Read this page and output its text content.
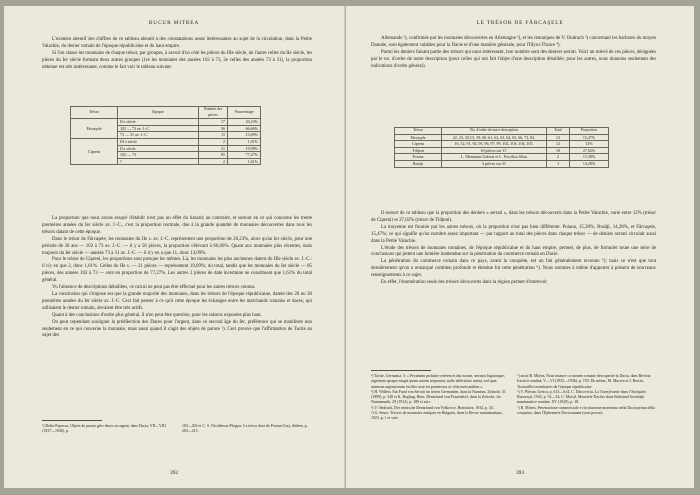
BUCUR MITREA

L'examen attentif des chiffres de ce tableau aboutit à des constatations assez intéressantes au sujet de la circulation, dans la Petite Valachie, du denier romain de l'époque républicaine et du haut empire.

Si l'on classe les monnaies de chaque trésor, par groupes, à savoir d'un côté les pièces du IIIe siècle, de l'autre celles du IIe siècle, les pièces du Ier siècle formant deux autres groupes (1re les monnaies des années 102 à 73, 2e celles des années 73 à 31), la proportion obtenue est très intéressante, comme le fait voir le tableau suivant:

Trésor	Epoque	Nombre des pièces	Pourcentage
Fărcaşele	II e siècle	17	20,23%
	102 — 73 av. J.-C.	56	66,66%
	73 — 31 av. J.-C.	11	13,09%
Cipreni	III e siècle	2	1,61%
	II e siècle	21	19,09%
	102 — 73	85	77,27%
	?	2	1,61%

La proportion que nous avons essayé d'établir n'est pas un effet du hasard; au contraire, et surtout en ce qui concerne les trente premières années du Ier siècle av. J.-C., c'est la proportion normale, due à la grande quantité de monnaies découvertes dans tous les trésors datant de cette époque.

Dans le trésor de Fărcaşele, les monnaies du IIe s. av. J.-C. représentent une proportion de 20,23%, alors qu'au Ier siècle, pour une période de 30 ans — 102 à 73 av. J.-C. — il y a 56 pièces, la proportion s'élevant à 66,66%. Quant aux monnaies plus récentes, mais toujours du Ier siècle — années 73 à 31 av. J.-C. — il n'y en a que 11, donc 13,09%.

Pour le trésor de Cipreni, les proportions sont presque les mêmes. Là, les monnaies les plus anciennes datent du IIIe siècle av. J.-C.: il n'y en que 2, donc 1,61%. Celles du IIe s. — 21 pièces — représentent 19,09%; du total, tandis que les monnaies du Ier siècle — 85 pièces, des années 102 à 73 — sont en proportion de 77,27%. Les autres 2 pièces de date incertaine ne constituent que 1,61% du total général.

Vu l'absence de descriptions détaillées, ce calcul ne peut pas être effectué pour les autres trésors connus.

La conclusion qui s'impose est que la grande majorité des monnaies, dans les trésors de l'époque républicaine, datent des 20 ou 30 premières années du Ier siècle av. J.-C. Ceci fait penser à ce qu'à cette époque les échanges entre les marchands romains et daces, qui utilisaient le denier romain, devaient être très actifs.

Quant à des conclusions d'ordre plus général, il n'en peut être question, pour les raisons exposées plus haut.

On peut cependant souligner la prédilection des Daces pour l'argent, dans ce second âge du fer, préférence qui se manifeste non seulement en ce qui concerne la monnaie, mais aussi quand il s'agit des objets de parure ¹). Ceci prouve que l'affirmation de Tacite au sujet des

¹) Dolin Popescu, Objets de parure géto-daces en argent, dans Dacia, VII—VIII (1937—1940), p.
183—202 et C. S. Nicolăescu-Plopşor, Le trésor dace de Poiana-Gorj, ibidem, p. 203—215.
392
LE TRÉSOR DE FĂRCAŞELE

Allemands ¹), confirmée par les monnaies découvertes en Allemagne ²), et les remarques de V. Ondruch ³) concernant les barbares du moyen Danube, sont également valables pour la Dacie et d'une manière générale, pour l'Illyro-Thrace ⁴).

Parmi les deniers faisant partie des trésors qui nous intéressent, bon nombre sont des deniers serrati. Voici un relevé de ces pièces, désignées par le no. d'ordre de notre description (pour celles qui ont fait l'objet d'une description détaillée; pour les autres, nous donnons seulement des indications d'ordre général).

Trésor	No. d'ordre de notre description	Total	Proportion
Fărcaşele	22, 23, 30 (?), 39, 60, 61, 62, 63, 64, 65, 66, 72, 84.	13	15,47%
Cipreni	16, 52, 91, 94, 95, 96, 97, 99, 102, 103, 104, 105.	12	12%
Tiliţeni	10 pièces sur 37.	10	27,02%
Poiana	L. Memmius Galeria et L. Procilius filius	2	15,38%
Rusăţi	3 pièces sur 21	3	14,28%

Il ressort de ce tableau que la proportion des deniers « serrati », dans les trésors découverts dans la Petite Valachie, varie entre 12% (trésor de Cipreni) et 27,02% (trésor de Tiliţeni).

La moyenne est fournie par les autres trésors, où la proportion n'est pas bien différente: Poiana, 15,38%, Rusăţi, 14,28%, et Fărcaşele, 15,47%; ce qui signifie qu'un nombre assez important — par rapport au total des pièces dans chaque trésor — de deniers serrati circulait aussi dans la Petite Valachie.

L'étude des trésors de monnaies romaines, de l'époque républicaine et du haut empire, permet, de plus, de formuler toute une série de conclusions qui jettent une lumière inattendue sur la pénétration du commerce romain en Dacie.

La pénétration du commerce romain dans ce pays, avant la conquête, est un fait généralement reconnu ⁵); mais ce n'est que tout dernièrement qu'on a remarqué combien profonde et étendue fut cette pénétration ⁶). Nous sommes à même d'apporter à présent de nouveaux renseignements à ce sujet.

En effet, l'énumération seule des trésors découverts dans la région permet d'entrevoir

¹) Tacite, Germania, 5: « Pecuniam probant veterem et diu notam, serratos bigatosque; argentum quoque magis quam aurum sequuntur, nulla adfectione animi, sed quia numerus argenteorum facilior usui est promiscua ac vilia mercantibus ».
²) H. Willers, Ein Fund von Serrati im freien Germanien, dans la Numism. Zeitschr. 31 (1899), p. 348 et K. Regling, Röm. Denarfund von Frauendorf, dans la Zeitschr. für Numismatik, 29 (1912), p. 189 et suiv.
³) V. Ondruch, Der römische Denarfund von Vyškovce, Bratislava, 1934, p. 43.
⁴) G. Seure, Trésors de monnaies antiques en Bulgarie, dans la Revue numismatique, 1923, p. 1 et suiv.
⁵) aussi B. Mitrea, Noui tezaure cu monete romane descoperite în Dacia, dans Revista Istorică română, V—VI (1935—1936), p. 193. De même, M. Macrea et I. Berciu, Trouvailles monétaires de l'époque républicaine.
⁶) V. Pârvan, Getica, p. 613—614; C. Daicoviciu, La Transylvanie dans l'Antiquité, Bucureşti, 1945, p. 53—54; C. Moisil, Monetele Dacilor dans Buletinul Societăţii numismatice române, XV (1920), p. 18.
⁷) B. Mitrea, Penetrazione commerciale e circolazione monetaria nella Dacia prima della conquista, dans l'Ephemeris Dacoromana (sous presse).
393
